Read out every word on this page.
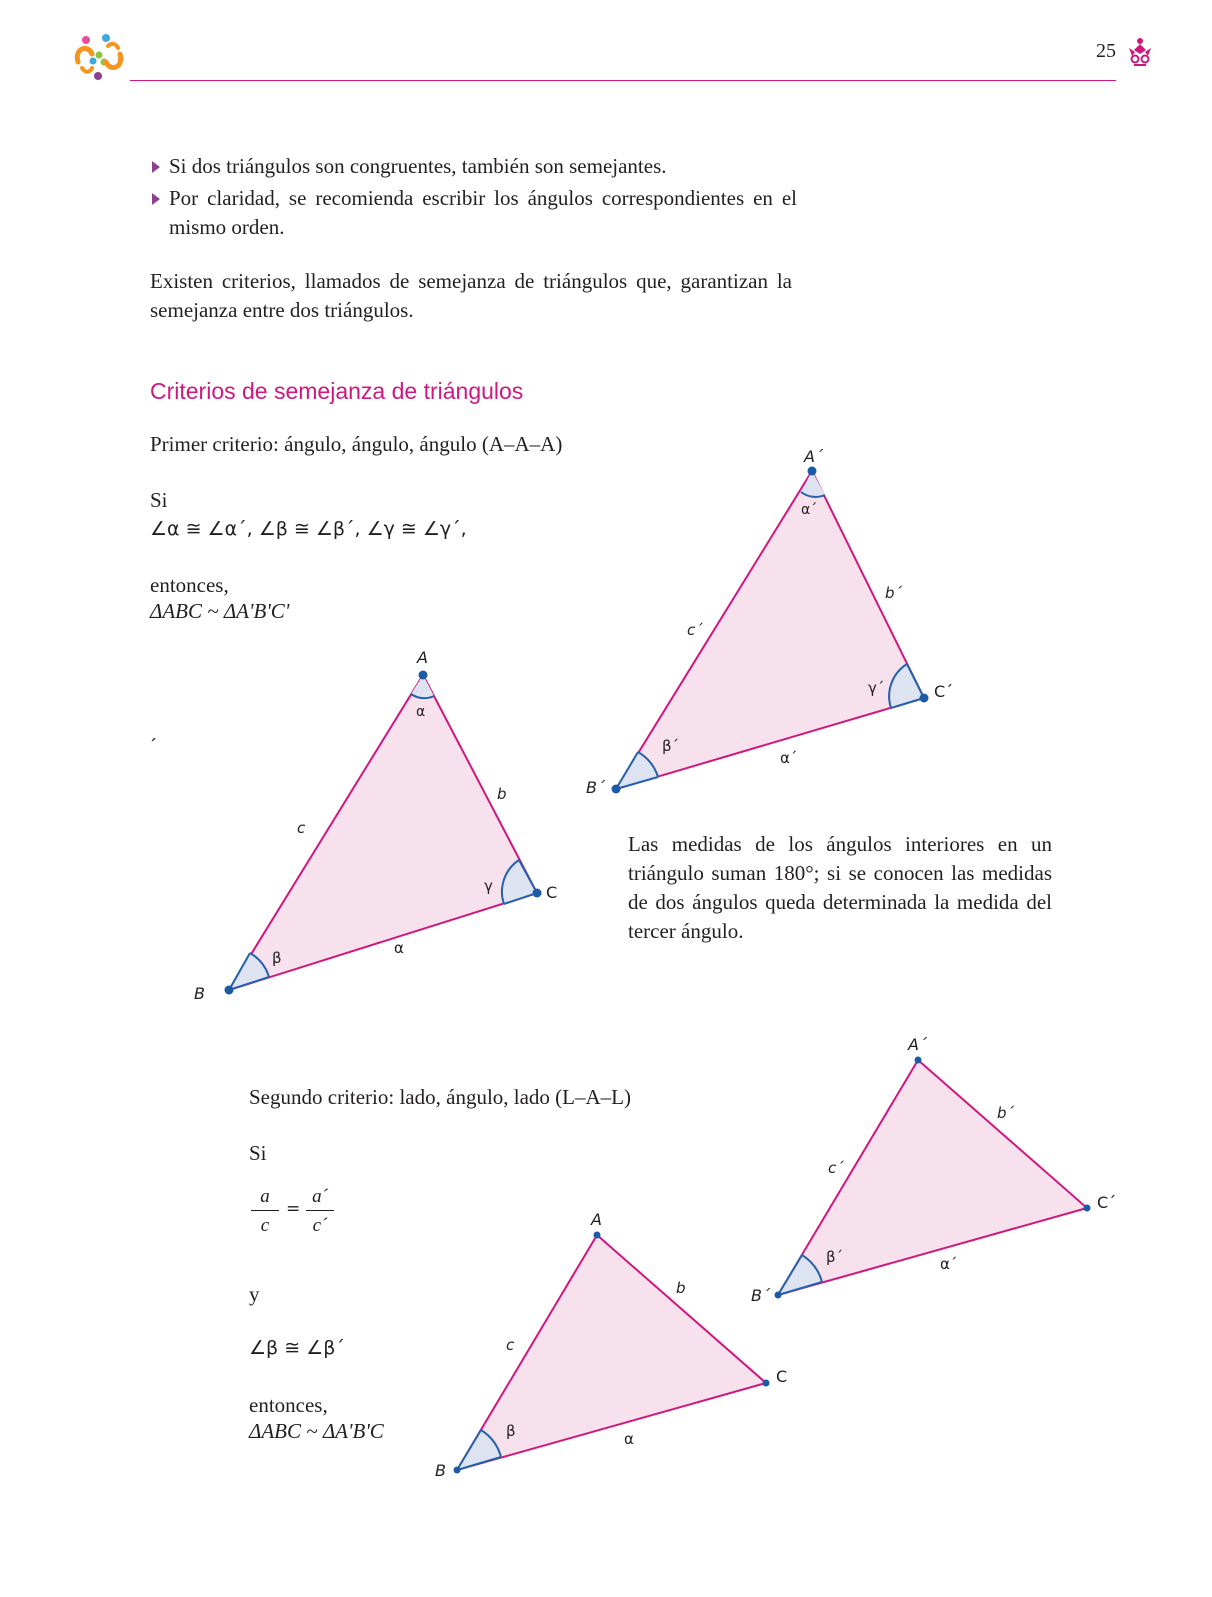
25
Si dos triángulos son congruentes, también son semejantes.
Por claridad, se recomienda escribir los ángulos correspondientes en el mismo orden.
Existen criterios, llamados de semejanza de triángulos que, garantizan la semejanza entre dos triángulos.
Criterios de semejanza de triángulos
Primer criterio: ángulo, ángulo, ángulo (A–A–A)
Si
∠α ≅ ∠α´, ∠β ≅ ∠β´, ∠γ ≅ ∠γ´,
entonces,
ΔABC ~ ΔA'B'C'
´
Las medidas de los ángulos interiores en un triángulo suman 180°; si se conocen las medidas de dos ángulos queda determinada la medida del tercer ángulo.
Segundo criterio: lado, ángulo, lado (L–A–L)
Si
a
c
=
a´
c´
y
∠β ≅ ∠β´
entonces,
ΔABC ~ ΔA'B'C
A
B
C
α
β
γ
α
b
c
A´
B´
C´
α´
β´
γ´
α´
b´
c´
A
B
C
β	α
b
c
A´
B´
C´
β´	α´
b´
c´
